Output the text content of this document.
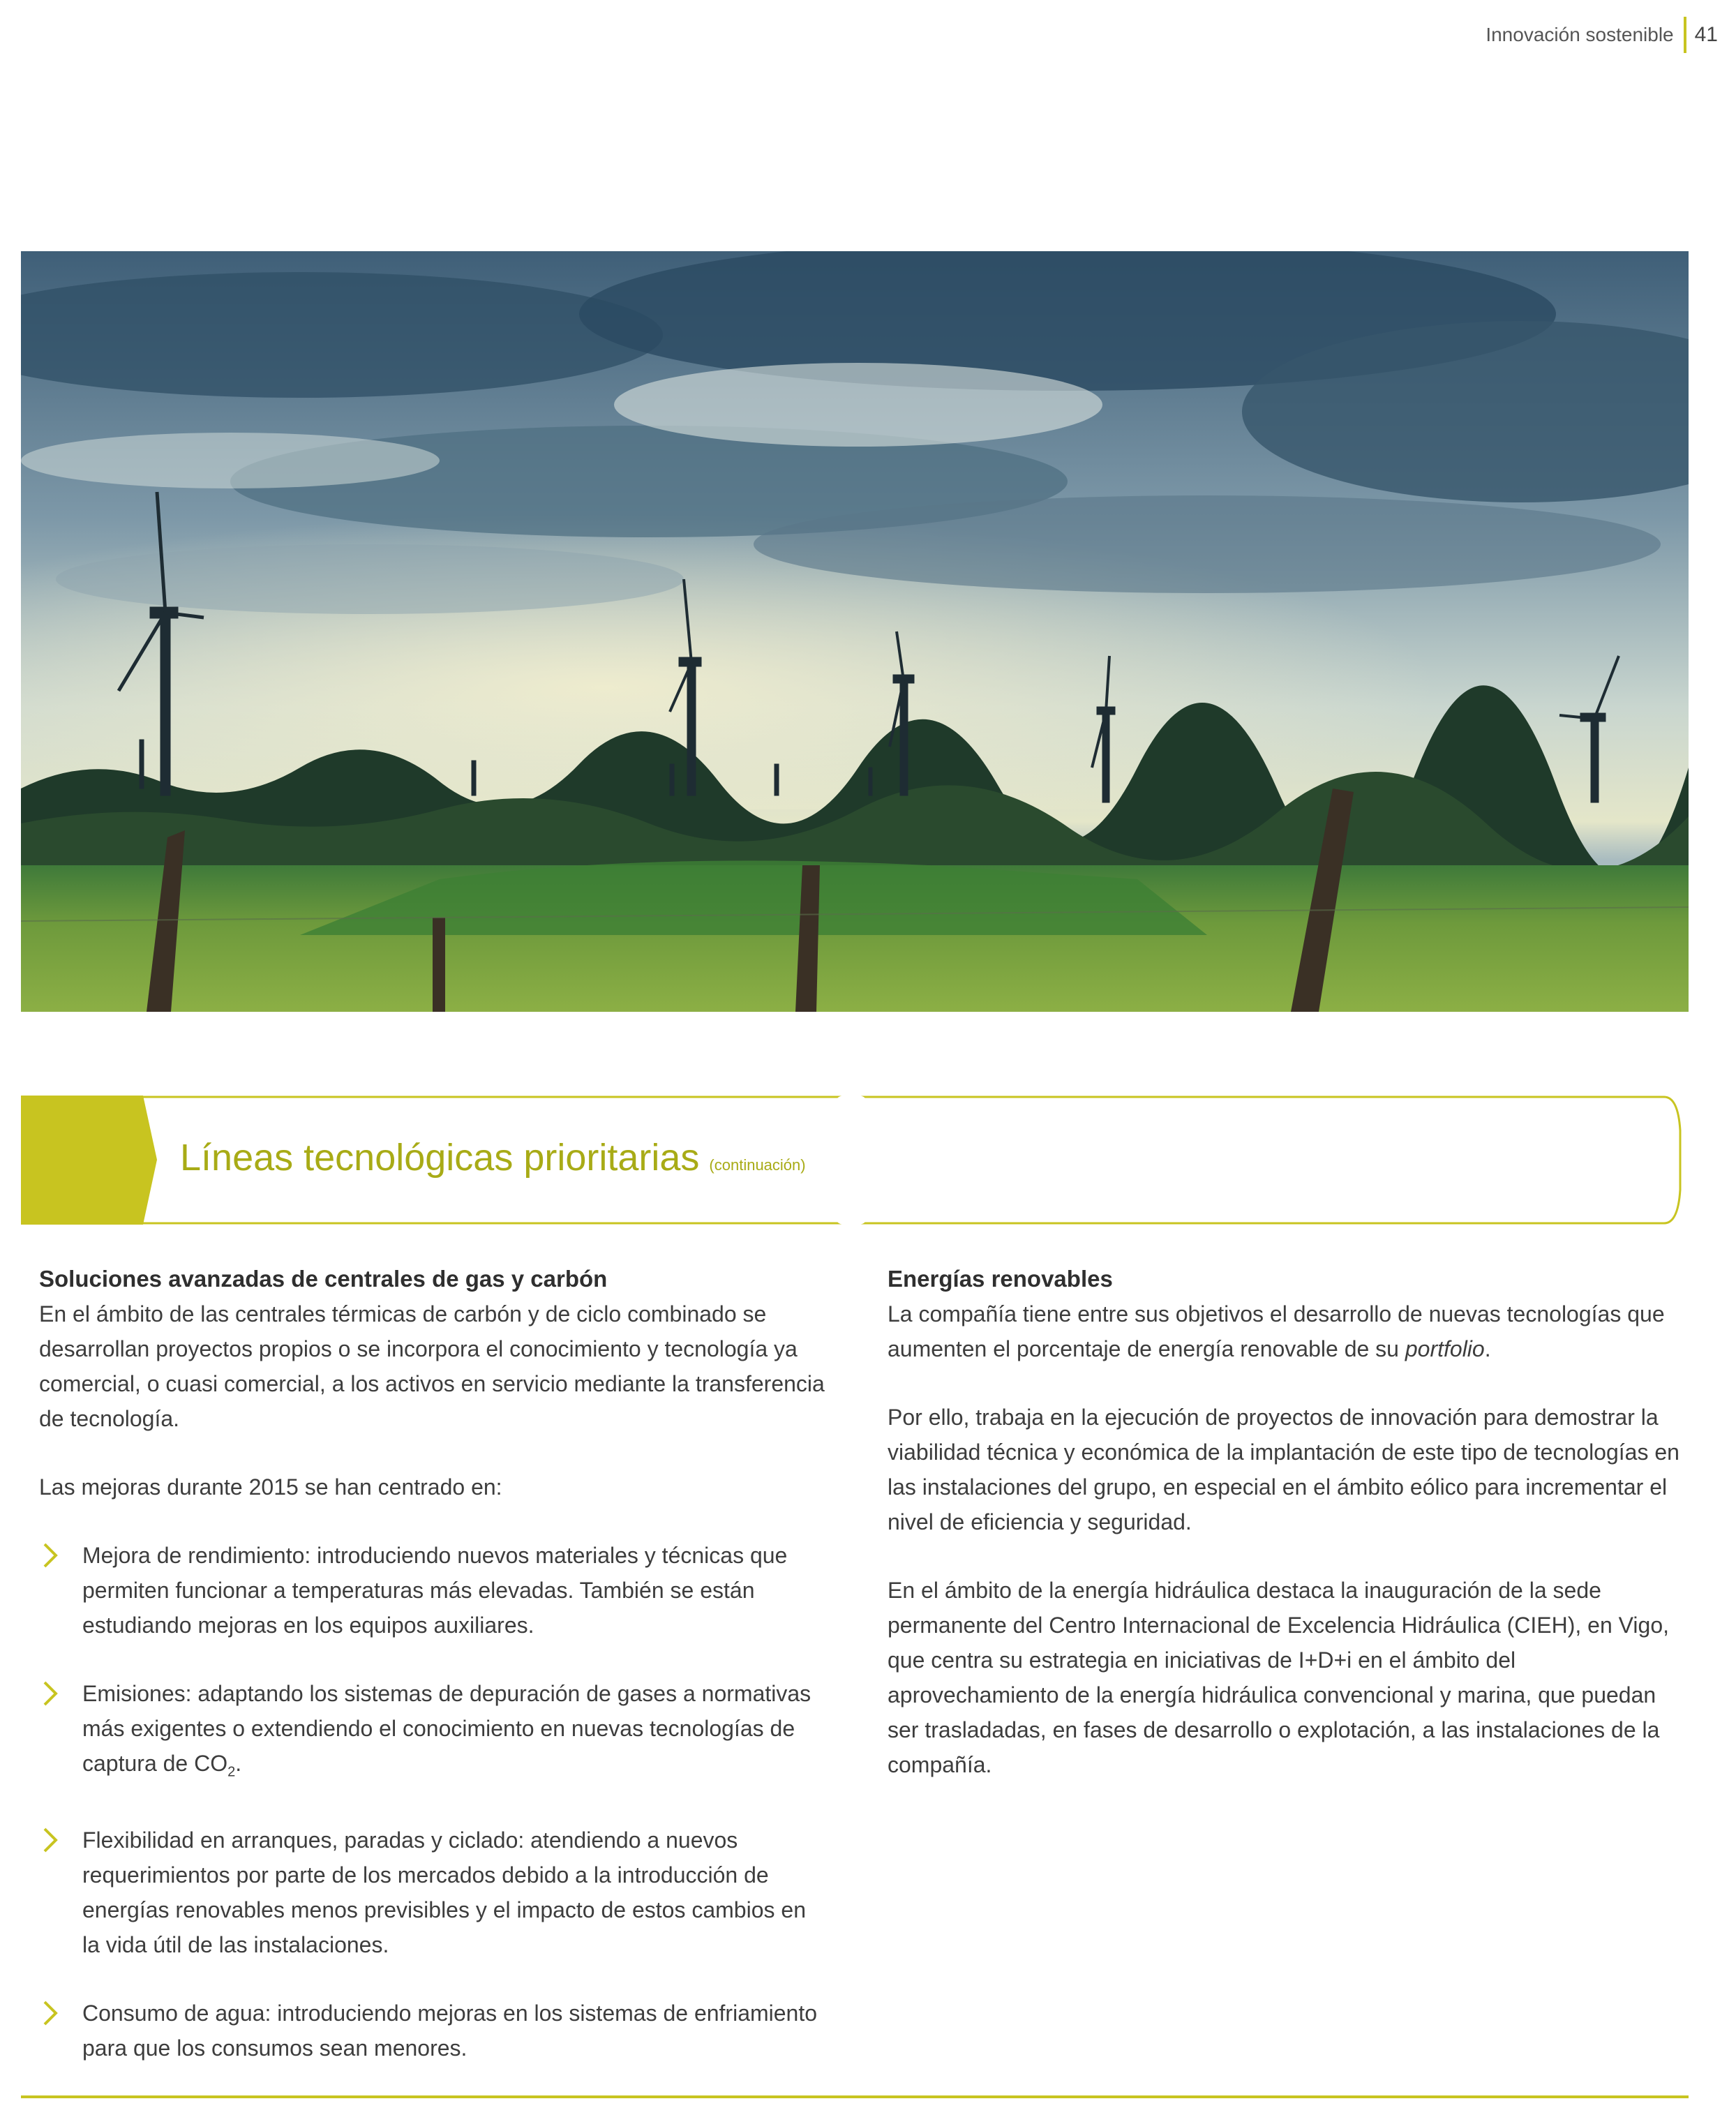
Innovación sostenible 41
Líneas tecnológicas prioritarias (continuación)
Soluciones avanzadas de centrales de gas y carbón

En el ámbito de las centrales térmicas de carbón y de ciclo combinado se desarrollan proyectos propios o se incorpora el conocimiento y tecnología ya comercial, o cuasi comercial, a los activos en servicio mediante la transferencia de tecnología.

Las mejoras durante 2015 se han centrado en:

Mejora de rendimiento: introduciendo nuevos materiales y técnicas que permiten funcionar a temperaturas más elevadas. También se están estudiando mejoras en los equipos auxiliares.
Emisiones: adaptando los sistemas de depuración de gases a normativas más exigentes o extendiendo el conocimiento en nuevas tecnologías de captura de $CO_2$.
Flexibilidad en arranques, paradas y ciclado: atendiendo a nuevos requerimientos por parte de los mercados debido a la introducción de energías renovables menos previsibles y el impacto de estos cambios en la vida útil de las instalaciones.
Consumo de agua: introduciendo mejoras en los sistemas de enfriamiento para que los consumos sean menores.
Energías renovables

La compañía tiene entre sus objetivos el desarrollo de nuevas tecnologías que aumenten el porcentaje de energía renovable de su portfolio.

Por ello, trabaja en la ejecución de proyectos de innovación para demostrar la viabilidad técnica y económica de la implantación de este tipo de tecnologías en las instalaciones del grupo, en especial en el ámbito eólico para incrementar el nivel de eficiencia y seguridad.

En el ámbito de la energía hidráulica destaca la inauguración de la sede permanente del Centro Internacional de Excelencia Hidráulica (CIEH), en Vigo, que centra su estrategia en iniciativas de I+D+i en el ámbito del aprovechamiento de la energía hidráulica convencional y marina, que puedan ser trasladadas, en fases de desarrollo o explotación, a las instalaciones de la compañía.
